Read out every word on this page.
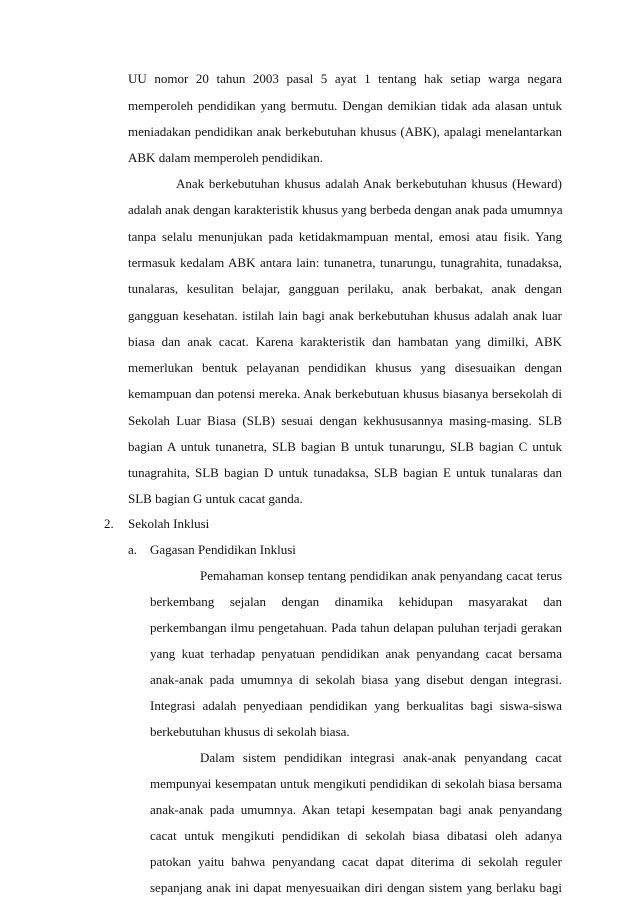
UU nomor 20 tahun 2003 pasal 5 ayat 1 tentang hak setiap warga negara
memperoleh pendidikan yang bermutu. Dengan demikian tidak ada alasan untuk
meniadakan pendidikan anak berkebutuhan khusus (ABK), apalagi menelantarkan
ABK dalam memperoleh pendidikan.
Anak berkebutuhan khusus adalah Anak berkebutuhan khusus (Heward)
adalah anak dengan karakteristik khusus yang berbeda dengan anak pada umumnya
tanpa selalu menunjukan pada ketidakmampuan mental, emosi atau fisik. Yang
termasuk kedalam ABK antara lain: tunanetra, tunarungu, tunagrahita, tunadaksa,
tunalaras, kesulitan belajar, gangguan perilaku, anak berbakat, anak dengan
gangguan kesehatan. istilah lain bagi anak berkebutuhan khusus adalah anak luar
biasa dan anak cacat. Karena karakteristik dan hambatan yang dimilki, ABK
memerlukan bentuk pelayanan pendidikan khusus yang disesuaikan dengan
kemampuan dan potensi mereka. Anak berkebutuan khusus biasanya bersekolah di
Sekolah Luar Biasa (SLB) sesuai dengan kekhususannya masing-masing. SLB
bagian A untuk tunanetra, SLB bagian B untuk tunarungu, SLB bagian C untuk
tunagrahita, SLB bagian D untuk tunadaksa, SLB bagian E untuk tunalaras dan
SLB bagian G untuk cacat ganda.
2. Sekolah Inklusi
a. Gagasan Pendidikan Inklusi
Pemahaman konsep tentang pendidikan anak penyandang cacat terus
berkembang sejalan dengan dinamika kehidupan masyarakat dan
perkembangan ilmu pengetahuan. Pada tahun delapan puluhan terjadi gerakan
yang kuat terhadap penyatuan pendidikan anak penyandang cacat bersama
anak-anak pada umumnya di sekolah biasa yang disebut dengan integrasi.
Integrasi adalah penyediaan pendidikan yang berkualitas bagi siswa-siswa
berkebutuhan khusus di sekolah biasa.
Dalam sistem pendidikan integrasi anak-anak penyandang cacat
mempunyai kesempatan untuk mengikuti pendidikan di sekolah biasa bersama
anak-anak pada umumnya. Akan tetapi kesempatan bagi anak penyandang
cacat untuk mengikuti pendidikan di sekolah biasa dibatasi oleh adanya
patokan yaitu bahwa penyandang cacat dapat diterima di sekolah reguler
sepanjang anak ini dapat menyesuaikan diri dengan sistem yang berlaku bagi
